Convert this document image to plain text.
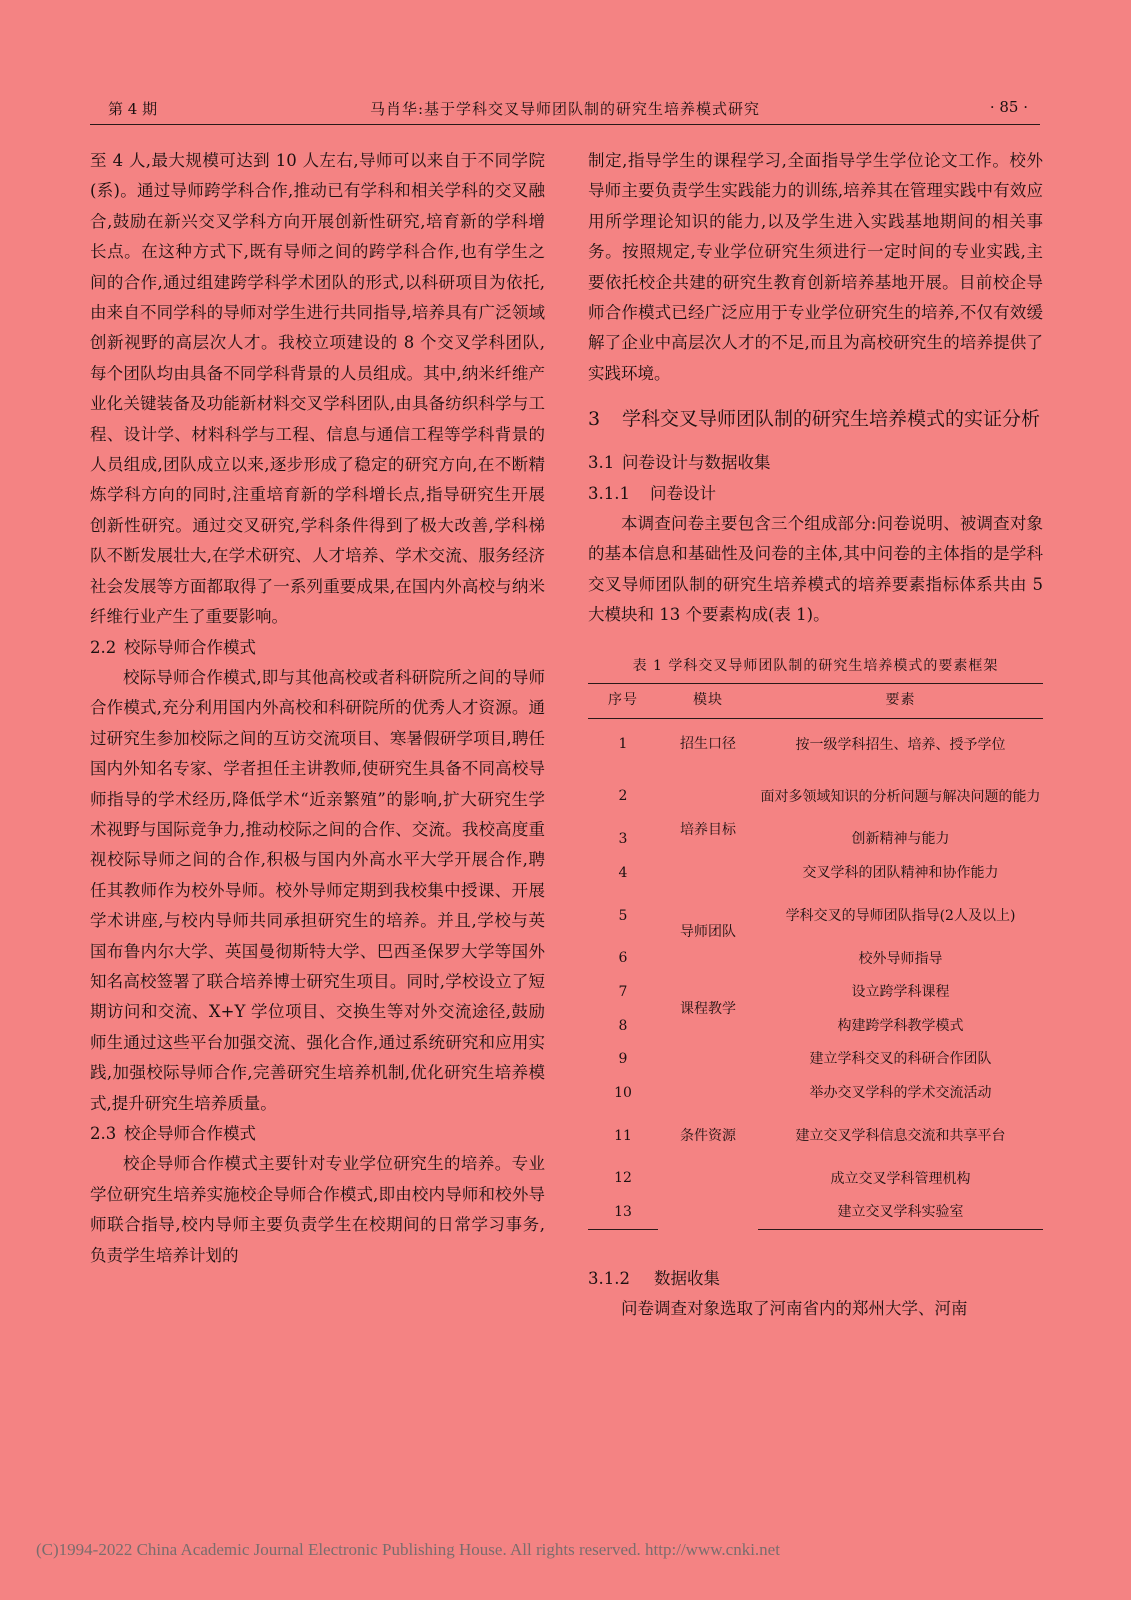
第 4 期	马肖华:基于学科交叉导师团队制的研究生培养模式研究	· 85 ·

至 4 人,最大规模可达到 10 人左右,导师可以来自于不同学院(系)。通过导师跨学科合作,推动已有学科和相关学科的交叉融合,鼓励在新兴交叉学科方向开展创新性研究,培育新的学科增长点。在这种方式下,既有导师之间的跨学科合作,也有学生之间的合作,通过组建跨学科学术团队的形式,以科研项目为依托,由来自不同学科的导师对学生进行共同指导,培养具有广泛领域创新视野的高层次人才。我校立项建设的 8 个交叉学科团队,每个团队均由具备不同学科背景的人员组成。其中,纳米纤维产业化关键装备及功能新材料交叉学科团队,由具备纺织科学与工程、设计学、材料科学与工程、信息与通信工程等学科背景的人员组成,团队成立以来,逐步形成了稳定的研究方向,在不断精炼学科方向的同时,注重培育新的学科增长点,指导研究生开展创新性研究。通过交叉研究,学科条件得到了极大改善,学科梯队不断发展壮大,在学术研究、人才培养、学术交流、服务经济社会发展等方面都取得了一系列重要成果,在国内外高校与纳米纤维行业产生了重要影响。

2.2 校际导师合作模式

校际导师合作模式,即与其他高校或者科研院所之间的导师合作模式,充分利用国内外高校和科研院所的优秀人才资源。通过研究生参加校际之间的互访交流项目、寒暑假研学项目,聘任国内外知名专家、学者担任主讲教师,使研究生具备不同高校导师指导的学术经历,降低学术“近亲繁殖”的影响,扩大研究生学术视野与国际竞争力,推动校际之间的合作、交流。我校高度重视校际导师之间的合作,积极与国内外高水平大学开展合作,聘任其教师作为校外导师。校外导师定期到我校集中授课、开展学术讲座,与校内导师共同承担研究生的培养。并且,学校与英国布鲁内尔大学、英国曼彻斯特大学、巴西圣保罗大学等国外知名高校签署了联合培养博士研究生项目。同时,学校设立了短期访问和交流、X+Y 学位项目、交换生等对外交流途径,鼓励师生通过这些平台加强交流、强化合作,通过系统研究和应用实践,加强校际导师合作,完善研究生培养机制,优化研究生培养模式,提升研究生培养质量。

2.3 校企导师合作模式

校企导师合作模式主要针对专业学位研究生的培养。专业学位研究生培养实施校企导师合作模式,即由校内导师和校外导师联合指导,校内导师主要负责学生在校期间的日常学习事务,负责学生培养计划的

制定,指导学生的课程学习,全面指导学生学位论文工作。校外导师主要负责学生实践能力的训练,培养其在管理实践中有效应用所学理论知识的能力,以及学生进入实践基地期间的相关事务。按照规定,专业学位研究生须进行一定时间的专业实践,主要依托校企共建的研究生教育创新培养基地开展。目前校企导师合作模式已经广泛应用于专业学位研究生的培养,不仅有效缓解了企业中高层次人才的不足,而且为高校研究生的培养提供了实践环境。

3 学科交叉导师团队制的研究生培养模式的实证分析
3.1 问卷设计与数据收集
3.1.1 问卷设计

本调查问卷主要包含三个组成部分:问卷说明、被调查对象的基本信息和基础性及问卷的主体,其中问卷的主体指的是学科交叉导师团队制的研究生培养模式的培养要素指标体系共由 5 大模块和 13 个要素构成(表 1)。

表 1 学科交叉导师团队制的研究生培养模式的要素框架
序号	模块	要素
1	招生口径	按一级学科招生、培养、授予学位
2	培养目标	面对多领域知识的分析问题与解决问题的能力
3		创新精神与能力
4		交叉学科的团队精神和协作能力
5	导师团队	学科交叉的导师团队指导(2人及以上)
6		校外导师指导
7	课程教学	设立跨学科课程
8		构建跨学科教学模式
9	条件资源	建立学科交叉的科研合作团队
10		举办交叉学科的学术交流活动
11		建立交叉学科信息交流和共享平台
12		成立交叉学科管理机构
13		建立交叉学科实验室
3.1.2 数据收集

问卷调查对象选取了河南省内的郑州大学、河南

(C)1994-2022 China Academic Journal Electronic Publishing House. All rights reserved. http://www.cnki.net
